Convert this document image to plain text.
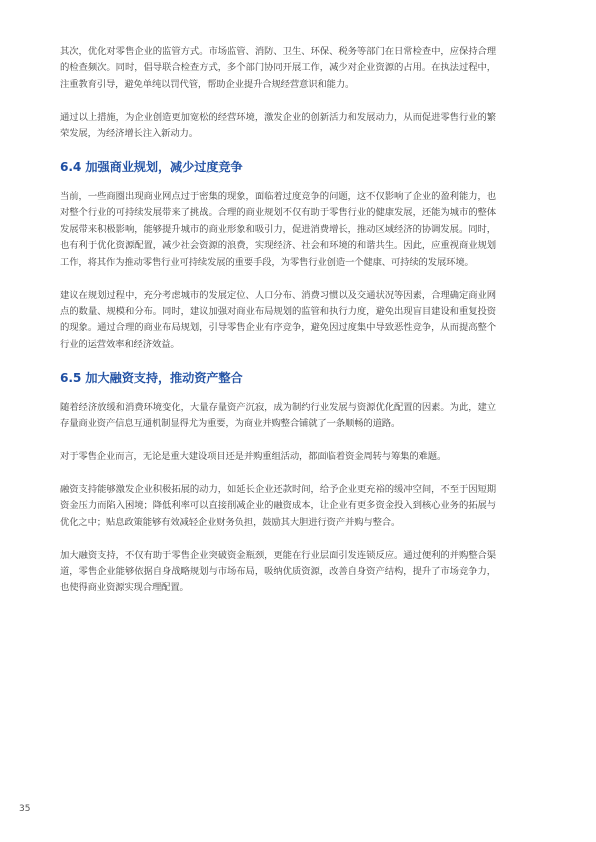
其次，优化对零售企业的监管方式。市场监管、消防、卫生、环保、税务等部门在日常检查中，应保持合理的检查频次。同时，倡导联合检查方式，多个部门协同开展工作，减少对企业资源的占用。在执法过程中，注重教育引导，避免单纯以罚代管，帮助企业提升合规经营意识和能力。

通过以上措施，为企业创造更加宽松的经营环境，激发企业的创新活力和发展动力，从而促进零售行业的繁荣发展，为经济增长注入新动力。

6.4 加强商业规划，减少过度竞争

当前，一些商圈出现商业网点过于密集的现象，面临着过度竞争的问题，这不仅影响了企业的盈利能力，也对整个行业的可持续发展带来了挑战。合理的商业规划不仅有助于零售行业的健康发展，还能为城市的整体发展带来积极影响，能够提升城市的商业形象和吸引力，促进消费增长，推动区域经济的协调发展。同时，也有利于优化资源配置，减少社会资源的浪费，实现经济、社会和环境的和谐共生。因此，应重视商业规划工作，将其作为推动零售行业可持续发展的重要手段，为零售行业创造一个健康、可持续的发展环境。

建议在规划过程中，充分考虑城市的发展定位、人口分布、消费习惯以及交通状况等因素，合理确定商业网点的数量、规模和分布。同时，建议加强对商业布局规划的监管和执行力度，避免出现盲目建设和重复投资的现象。通过合理的商业布局规划，引导零售企业有序竞争，避免因过度集中导致恶性竞争，从而提高整个行业的运营效率和经济效益。

6.5 加大融资支持，推动资产整合

随着经济放缓和消费环境变化，大量存量资产沉寂，成为制约行业发展与资源优化配置的因素。为此，建立存量商业资产信息互通机制显得尤为重要，为商业并购整合铺就了一条顺畅的道路。

对于零售企业而言，无论是重大建设项目还是并购重组活动，都面临着资金周转与筹集的难题。

融资支持能够激发企业积极拓展的动力，如延长企业还款时间，给予企业更充裕的缓冲空间，不至于因短期资金压力而陷入困境；降低利率可以直接削减企业的融资成本，让企业有更多资金投入到核心业务的拓展与优化之中；贴息政策能够有效减轻企业财务负担，鼓励其大胆进行资产并购与整合。

加大融资支持，不仅有助于零售企业突破资金瓶颈，更能在行业层面引发连锁反应。通过便利的并购整合渠道，零售企业能够依据自身战略规划与市场布局，吸纳优质资源，改善自身资产结构，提升了市场竞争力，也使得商业资源实现合理配置。

35
